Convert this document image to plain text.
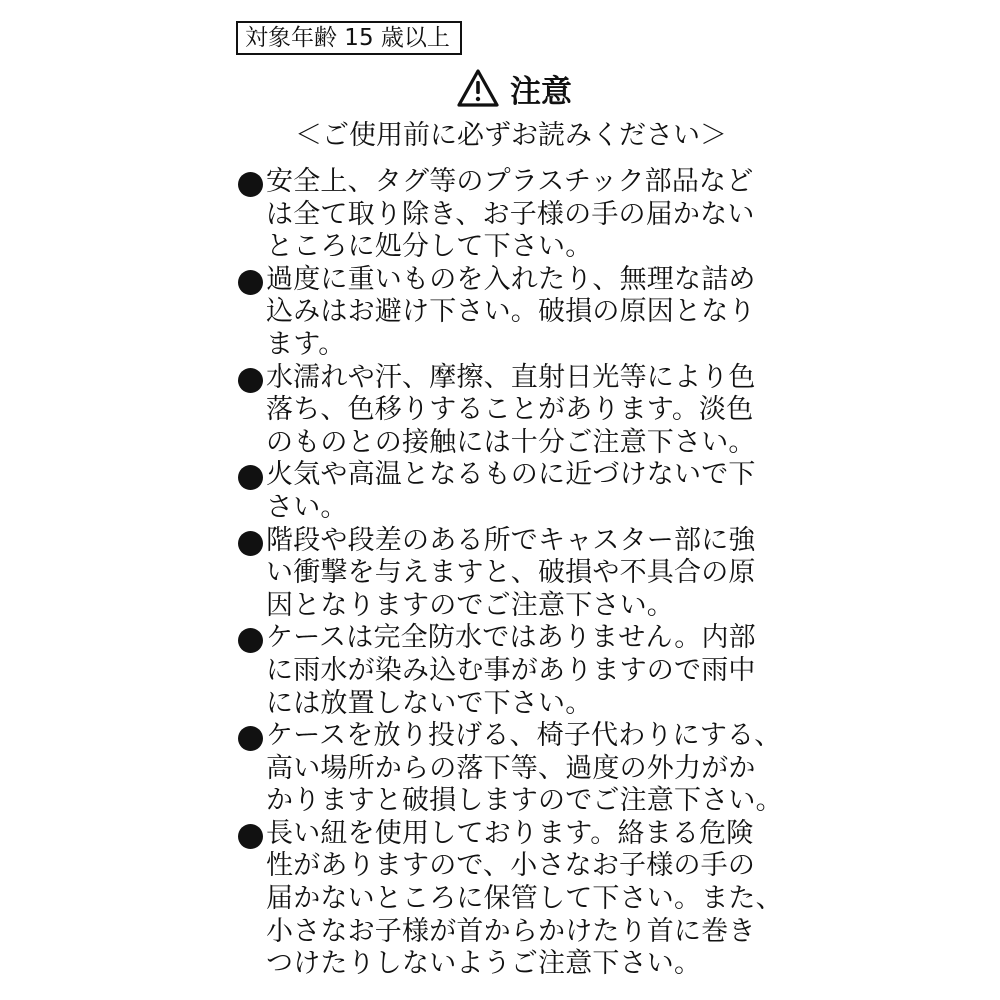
対象年齢 15 歳以上
注意
＜ご使用前に必ずお読みください＞
安全上、タグ等のプラスチック部品など
は全て取り除き、お子様の手の届かない
ところに処分して下さい。
過度に重いものを入れたり、無理な詰め
込みはお避け下さい。破損の原因となり
ます。
水濡れや汗、摩擦、直射日光等により色
落ち、色移りすることがあります。淡色
のものとの接触には十分ご注意下さい。
火気や高温となるものに近づけないで下
さい。
階段や段差のある所でキャスター部に強
い衝撃を与えますと、破損や不具合の原
因となりますのでご注意下さい。
ケースは完全防水ではありません。内部
に雨水が染み込む事がありますので雨中
には放置しないで下さい。
ケースを放り投げる、椅子代わりにする、
高い場所からの落下等、過度の外力がか
かりますと破損しますのでご注意下さい。
長い紐を使用しております。絡まる危険
性がありますので、小さなお子様の手の
届かないところに保管して下さい。また、
小さなお子様が首からかけたり首に巻き
つけたりしないようご注意下さい。
